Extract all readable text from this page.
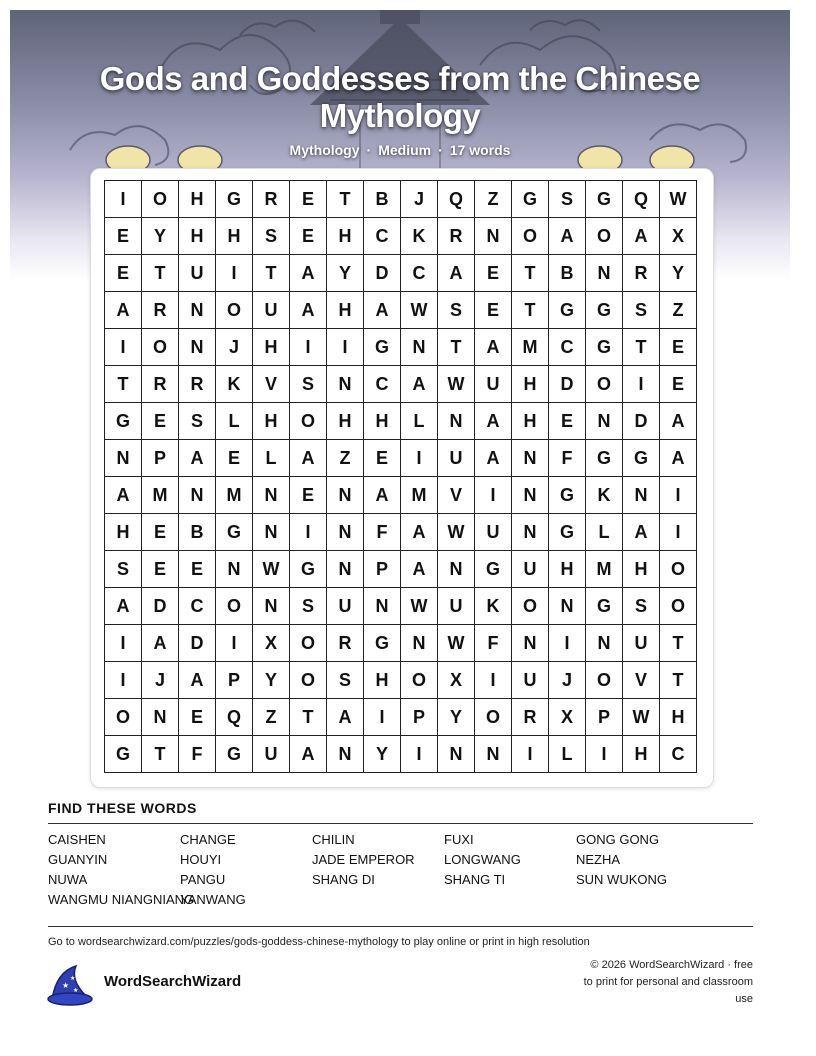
Gods and Goddesses from the Chinese Mythology
Mythology · Medium · 17 words
I	O	H	G	R	E	T	B	J	Q	Z	G	S	G	Q	W
E	Y	H	H	S	E	H	C	K	R	N	O	A	O	A	X
E	T	U	I	T	A	Y	D	C	A	E	T	B	N	R	Y
A	R	N	O	U	A	H	A	W	S	E	T	G	G	S	Z
I	O	N	J	H	I	I	G	N	T	A	M	C	G	T	E
T	R	R	K	V	S	N	C	A	W	U	H	D	O	I	E
G	E	S	L	H	O	H	H	L	N	A	H	E	N	D	A
N	P	A	E	L	A	Z	E	I	U	A	N	F	G	G	A
A	M	N	M	N	E	N	A	M	V	I	N	G	K	N	I
H	E	B	G	N	I	N	F	A	W	U	N	G	L	A	I
S	E	E	N	W	G	N	P	A	N	G	U	H	M	H	O
A	D	C	O	N	S	U	N	W	U	K	O	N	G	S	O
I	A	D	I	X	O	R	G	N	W	F	N	I	N	U	T
I	J	A	P	Y	O	S	H	O	X	I	U	J	O	V	T
O	N	E	Q	Z	T	A	I	P	Y	O	R	X	P	W	H
G	T	F	G	U	A	N	Y	I	N	N	I	L	I	H	C
FIND THESE WORDS
CAISHEN	CHANGE	CHILIN	FUXI	GONG GONG
GUANYIN	HOUYI	JADE EMPEROR	LONGWANG	NEZHA
NUWA	PANGU	SHANG DI	SHANG TI	SUN WUKONG
WANGMU NIANGNIANG
YANWANG
Go to wordsearchwizard.com/puzzles/gods-goddess-chinese-mythology to play online or print in high resolution
★
★
★
WordSearchWizard
© 2026 WordSearchWizard · free to print for personal and classroom use
